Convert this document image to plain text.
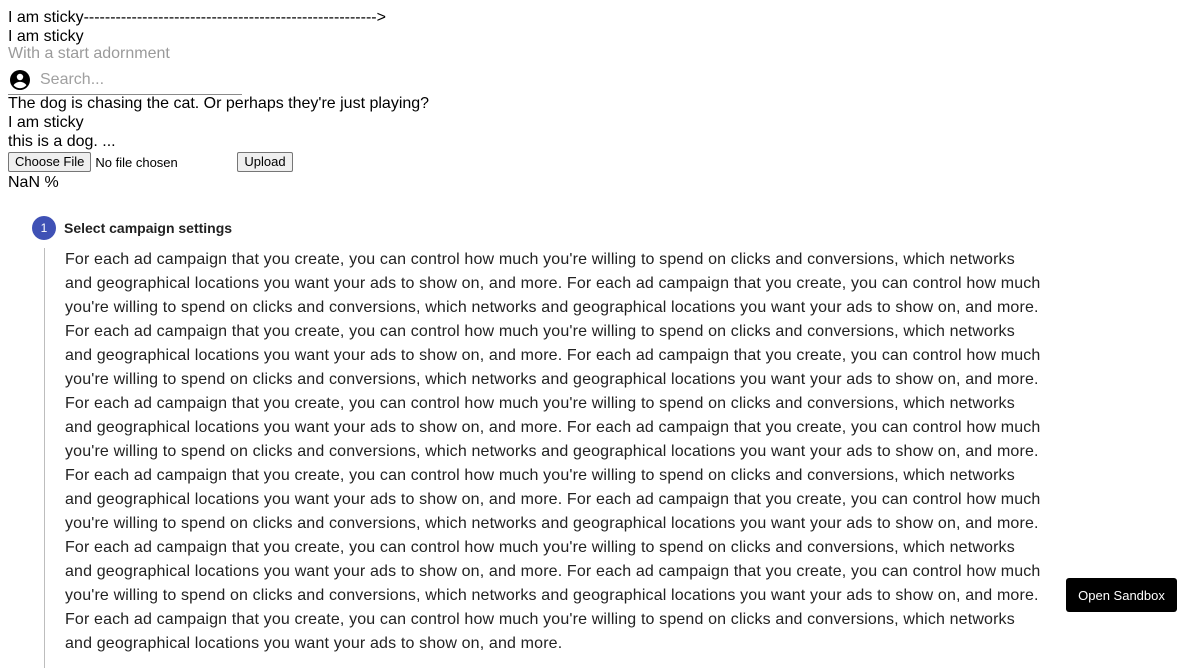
I am sticky------------------------------------------------------->
I am sticky
With a start adornment
Search...
The dog is chasing the cat. Or perhaps they're just playing?
I am sticky
this is a dog. ...
Choose File No file chosen	Upload
NaN %
1	Select campaign settings
For each ad campaign that you create, you can control how much you're willing to spend on clicks and conversions, which networks and geographical locations you want your ads to show on, and more. For each ad campaign that you create, you can control how much you're willing to spend on clicks and conversions, which networks and geographical locations you want your ads to show on, and more. For each ad campaign that you create, you can control how much you're willing to spend on clicks and conversions, which networks and geographical locations you want your ads to show on, and more. For each ad campaign that you create, you can control how much you're willing to spend on clicks and conversions, which networks and geographical locations you want your ads to show on, and more. For each ad campaign that you create, you can control how much you're willing to spend on clicks and conversions, which networks and geographical locations you want your ads to show on, and more. For each ad campaign that you create, you can control how much you're willing to spend on clicks and conversions, which networks and geographical locations you want your ads to show on, and more. For each ad campaign that you create, you can control how much you're willing to spend on clicks and conversions, which networks and geographical locations you want your ads to show on, and more. For each ad campaign that you create, you can control how much you're willing to spend on clicks and conversions, which networks and geographical locations you want your ads to show on, and more. For each ad campaign that you create, you can control how much you're willing to spend on clicks and conversions, which networks and geographical locations you want your ads to show on, and more. For each ad campaign that you create, you can control how much you're willing to spend on clicks and conversions, which networks and geographical locations you want your ads to show on, and more. For each ad campaign that you create, you can control how much you're willing to spend on clicks and conversions, which networks and geographical locations you want your ads to show on, and more.
Open Sandbox
